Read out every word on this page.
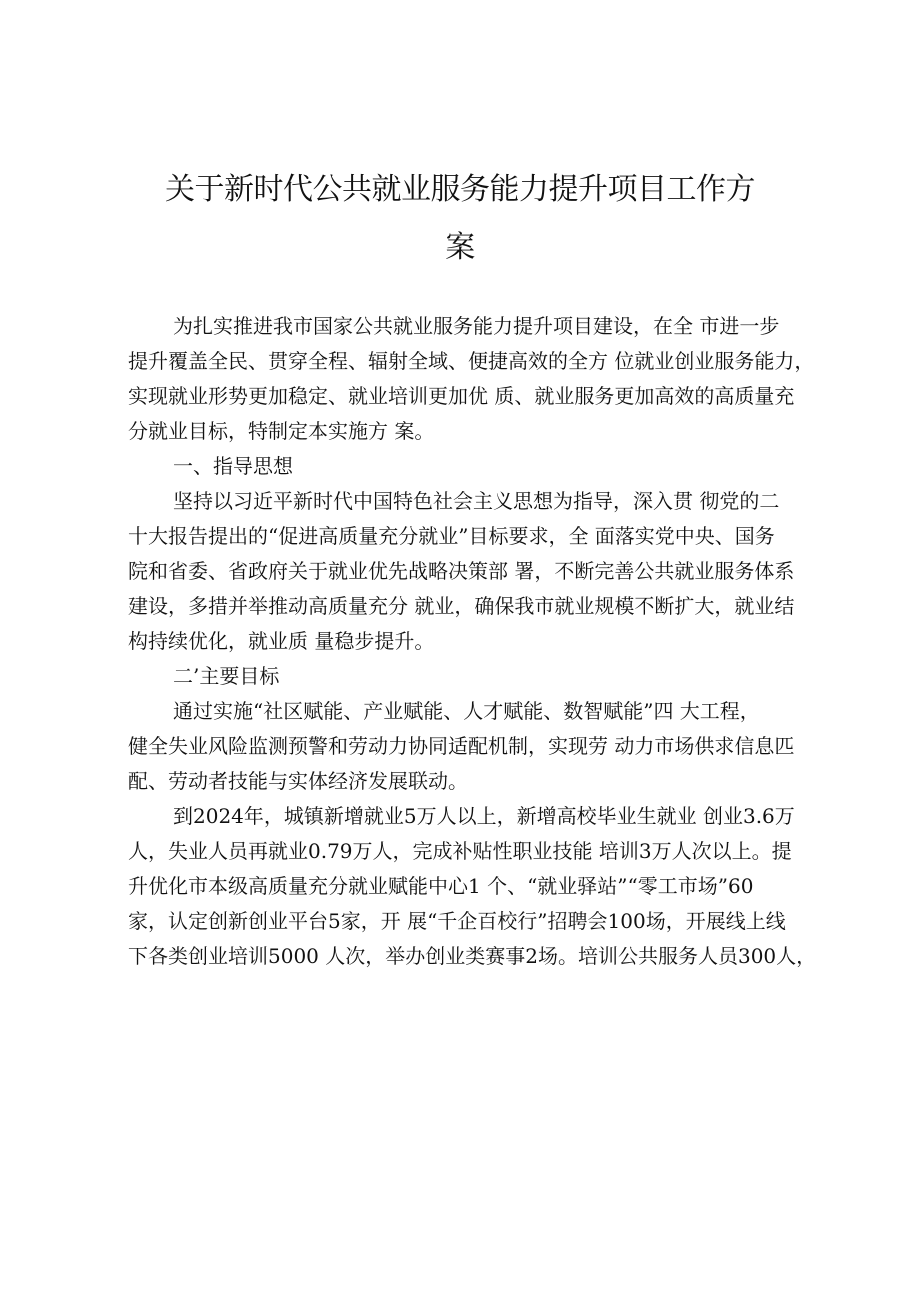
关于新时代公共就业服务能力提升项目工作方
案
为扎实推进我市国家公共就业服务能力提升项目建设，在全 市进一步
提升覆盖全民、贯穿全程、辐射全域、便捷高效的全方 位就业创业服务能力，
实现就业形势更加稳定、就业培训更加优 质、就业服务更加高效的高质量充
分就业目标，特制定本实施方 案。
一、指导思想
坚持以习近平新时代中国特色社会主义思想为指导，深入贯 彻党的二
十大报告提出的“促进高质量充分就业”目标要求，全 面落实党中央、国务
院和省委、省政府关于就业优先战略决策部 署，不断完善公共就业服务体系
建设，多措并举推动高质量充分 就业，确保我市就业规模不断扩大，就业结
构持续优化，就业质 量稳步提升。
二’主要目标
通过实施“社区赋能、产业赋能、人才赋能、数智赋能”四 大工程，
健全失业风险监测预警和劳动力协同适配机制，实现劳 动力市场供求信息匹
配、劳动者技能与实体经济发展联动。
到2024年，城镇新增就业5万人以上，新增高校毕业生就业 创业3.6万
人，失业人员再就业0.79万人，完成补贴性职业技能 培训3万人次以上。提
升优化市本级高质量充分就业赋能中心1 个、“就业驿站”“零工市场”60
家，认定创新创业平台5家，开 展“千企百校行”招聘会100场，开展线上线
下各类创业培训5000 人次，举办创业类赛事2场。培训公共服务人员300人，
